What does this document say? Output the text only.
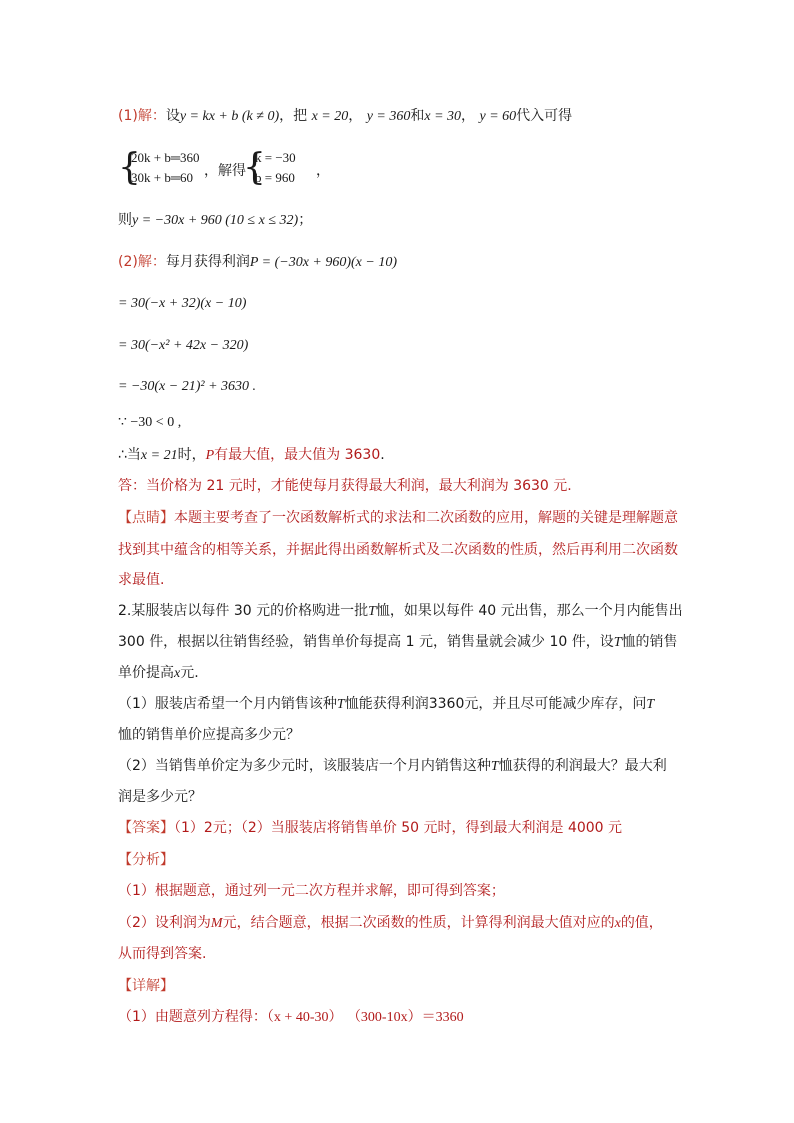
(1)解：设y = kx + b (k ≠ 0)，把 x = 20， y = 360和x = 30， y = 60代入可得
{
20k + b═360
30k + b═60 ，解得
{
k = −30
b = 960 ，
则y = −30x + 960 (10 ≤ x ≤ 32)；
(2)解：每月获得利润P = (−30x + 960)(x − 10)
= 30(−x + 32)(x − 10)
= 30(−x² + 42x − 320)
= −30(x − 21)² + 3630 .
∵ −30 < 0 ,
∴当x = 21时，P有最大值，最大值为 3630.
答：当价格为 21 元时，才能使每月获得最大利润，最大利润为 3630 元.
【点睛】本题主要考查了一次函数解析式的求法和二次函数的应用，解题的关键是理解题意
找到其中蕴含的相等关系，并据此得出函数解析式及二次函数的性质，然后再利用二次函数
求最值.
2.某服装店以每件 30 元的价格购进一批T恤，如果以每件 40 元出售，那么一个月内能售出
300 件，根据以往销售经验，销售单价每提高 1 元，销售量就会减少 10 件，设T恤的销售
单价提高x元.
（1）服装店希望一个月内销售该种T恤能获得利润3360元，并且尽可能减少库存，问T
恤的销售单价应提高多少元？
（2）当销售单价定为多少元时，该服装店一个月内销售这种T恤获得的利润最大？最大利
润是多少元？
【答案】（1）2元；（2）当服装店将销售单价 50 元时，得到最大利润是 4000 元
【分析】
（1）根据题意，通过列一元二次方程并求解，即可得到答案；
（2）设利润为M元，结合题意，根据二次函数的性质，计算得利润最大值对应的x的值，
从而得到答案.
【详解】
（1）由题意列方程得：（x + 40-30） （300-10x）＝3360
